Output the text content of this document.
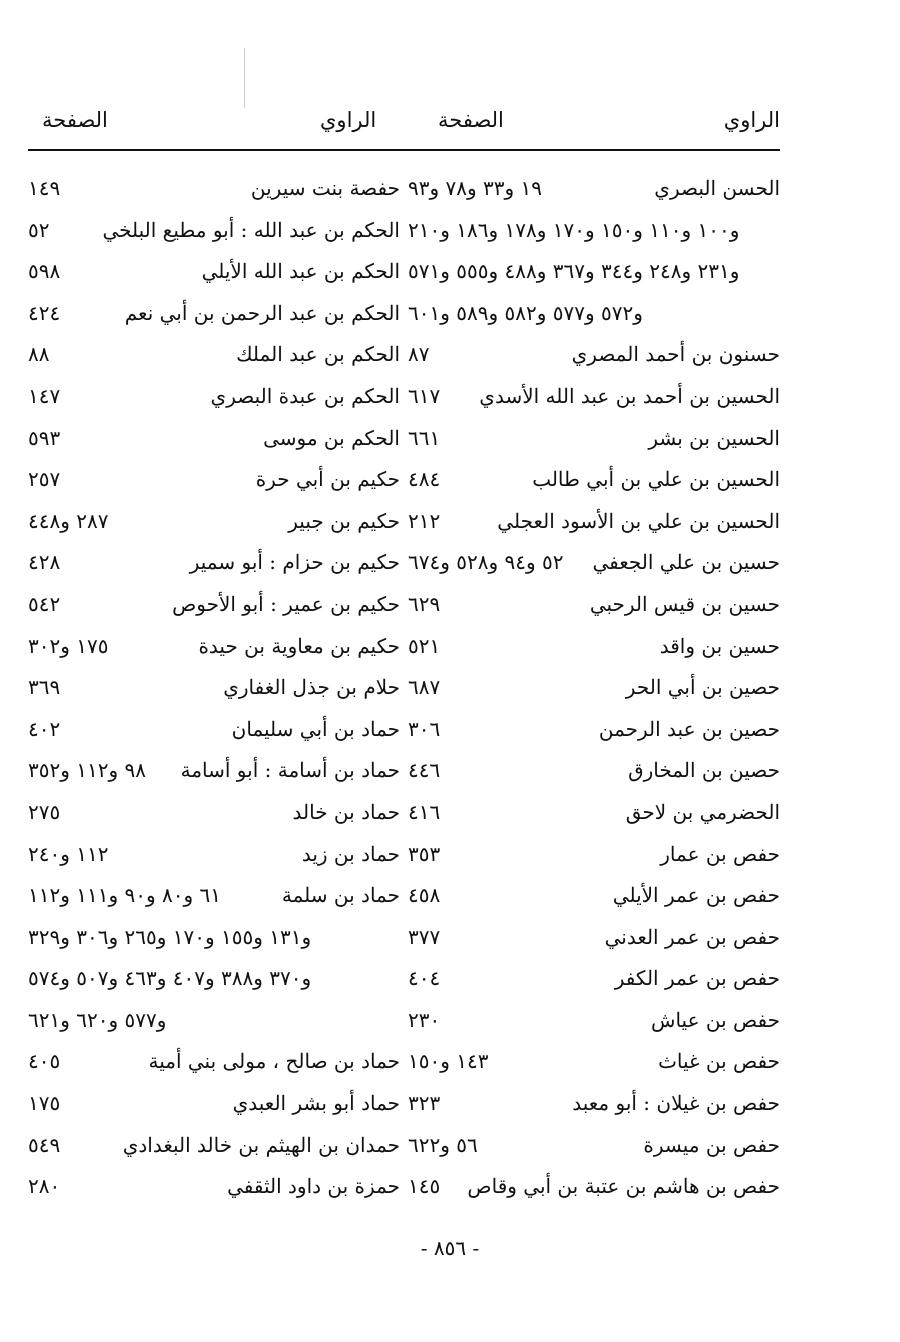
الراوي
الصفحة
الراوي
الصفحة
الحسن البصري
١٩ و٣٣ و٧٨ و٩٣
و١٠٠ و١١٠ و١٥٠ و١٧٠ و١٧٨ و١٨٦ و٢١٠
و٢٣١ و٢٤٨ و٣٤٤ و٣٦٧ و٤٨٨ و٥٥٥ و٥٧١
و٥٧٢ و٥٧٧ و٥٨٢ و٥٨٩ و٦٠١
حسنون بن أحمد المصري
٨٧
الحسين بن أحمد بن عبد الله الأسدي
٦١٧
الحسين بن بشر
٦٦١
الحسين بن علي بن أبي طالب
٤٨٤
الحسين بن علي بن الأسود العجلي
٢١٢
حسين بن علي الجعفي
٥٢ و٩٤ و٥٢٨ و٦٧٤
حسين بن قيس الرحبي
٦٢٩
حسين بن واقد
٥٢١
حصين بن أبي الحر
٦٨٧
حصين بن عبد الرحمن
٣٠٦
حصين بن المخارق
٤٤٦
الحضرمي بن لاحق
٤١٦
حفص بن عمار
٣٥٣
حفص بن عمر الأيلي
٤٥٨
حفص بن عمر العدني
٣٧٧
حفص بن عمر الكفر
٤٠٤
حفص بن عياش
٢٣٠
حفص بن غياث
١٤٣ و١٥٠
حفص بن غيلان : أبو معبد
٣٢٣
حفص بن ميسرة
٥٦ و٦٢٢
حفص بن هاشم بن عتبة بن أبي وقاص
١٤٥
حفصة بنت سيرين
١٤٩
الحكم بن عبد الله : أبو مطيع البلخي
٥٢
الحكم بن عبد الله الأيلي
٥٩٨
الحكم بن عبد الرحمن بن أبي نعم
٤٢٤
الحكم بن عبد الملك
٨٨
الحكم بن عبدة البصري
١٤٧
الحكم بن موسى
٥٩٣
حكيم بن أبي حرة
٢٥٧
حكيم بن جبير
٢٨٧ و٤٤٨
حكيم بن حزام : أبو سمير
٤٢٨
حكيم بن عمير : أبو الأحوص
٥٤٢
حكيم بن معاوية بن حيدة
١٧٥ و٣٠٢
حلام بن جذل الغفاري
٣٦٩
حماد بن أبي سليمان
٤٠٢
حماد بن أسامة : أبو أسامة
٩٨ و١١٢ و٣٥٢
حماد بن خالد
٢٧٥
حماد بن زيد
١١٢ و٢٤٠
حماد بن سلمة
٦١ و٨٠ و٩٠ و١١١ و١١٢
و١٣١ و١٥٥ و١٧٠ و٢٦٥ و٣٠٦ و٣٢٩
و٣٧٠ و٣٨٨ و٤٠٧ و٤٦٣ و٥٠٧ و٥٧٤
و٥٧٧ و٦٢٠ و٦٢١
حماد بن صالح ، مولى بني أمية
٤٠٥
حماد أبو بشر العبدي
١٧٥
حمدان بن الهيثم بن خالد البغدادي
٥٤٩
حمزة بن داود الثقفي
٢٨٠
- ٨٥٦ -
